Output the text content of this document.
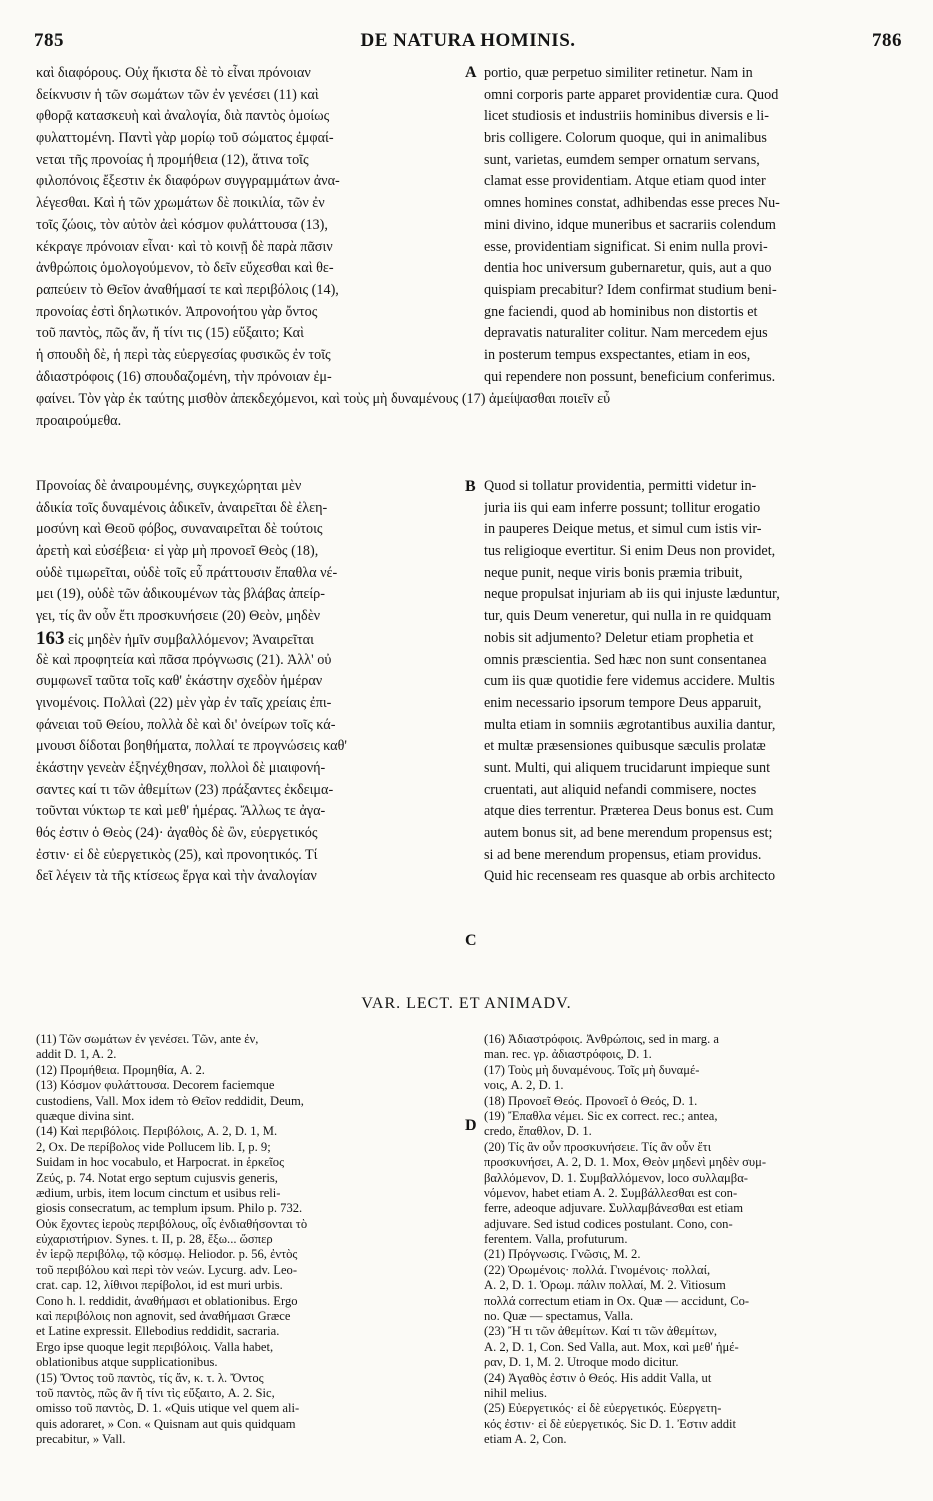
785	DE NATURA HOMINIS.	786
A
B
C
D
καὶ διαφόρους. Οὐχ ἥκιστα δὲ τὸ εἶναι πρόνοιαν
δείκνυσιν ἡ τῶν σωμάτων τῶν ἐν γενέσει (11) καὶ
φθορᾷ κατασκευὴ καὶ ἀναλογία, διὰ παντὸς ὁμοίως
φυλαττομένη. Παντὶ γὰρ μορίῳ τοῦ σώματος ἐμφαί-
νεται τῆς προνοίας ἡ προμήθεια (12), ἅτινα τοῖς
φιλοπόνοις ἔξεστιν ἐκ διαφόρων συγγραμμάτων ἀνα-
λέγεσθαι. Καὶ ἡ τῶν χρωμάτων δὲ ποικιλία, τῶν ἐν
τοῖς ζώοις, τὸν αὐτὸν ἀεὶ κόσμον φυλάττουσα (13),
κέκραγε πρόνοιαν εἶναι· καὶ τὸ κοινῇ δὲ παρὰ πᾶσιν
ἀνθρώποις ὁμολογούμενον, τὸ δεῖν εὔχεσθαι καὶ θε-
ραπεύειν τὸ Θεῖον ἀναθήμασί τε καὶ περιβόλοις (14),
προνοίας ἐστὶ δηλωτικόν. Ἀπρονοήτου γὰρ ὄντος
τοῦ παντὸς, πῶς ἄν, ἤ τίνι τις (15) εὔξαιτο; Καὶ
ἡ σπουδὴ δὲ, ἡ περὶ τὰς εὐεργεσίας φυσικῶς ἐν τοῖς
ἀδιαστρόφοις (16) σπουδαζομένη, τὴν πρόνοιαν ἐμ-
portio, quæ perpetuo similiter retinetur. Nam in
omni corporis parte apparet providentiæ cura. Quod
licet studiosis et industriis hominibus diversis e li-
bris colligere. Colorum quoque, qui in animalibus
sunt, varietas, eumdem semper ornatum servans,
clamat esse providentiam. Atque etiam quod inter
omnes homines constat, adhibendas esse preces Nu-
mini divino, idque muneribus et sacrariis colendum
esse, providentiam significat. Si enim nulla provi-
dentia hoc universum gubernaretur, quis, aut a quo
quispiam precabitur? Idem confirmat studium beni-
gne faciendi, quod ab hominibus non distortis et
depravatis naturaliter colitur. Nam mercedem ejus
in posterum tempus exspectantes, etiam in eos,
qui rependere non possunt, beneficium conferimus.
φαίνει. Τὸν γὰρ ἐκ ταύτης μισθὸν ἀπεκδεχόμενοι, καὶ τοὺς μὴ δυναμένους (17) ἀμείψασθαι ποιεῖν εὖ
προαιρούμεθα.
Προνοίας δὲ ἀναιρουμένης, συγκεχώρηται μὲν
ἀδικία τοῖς δυναμένοις ἀδικεῖν, ἀναιρεῖται δὲ ἐλεη-
μοσύνη καὶ Θεοῦ φόβος, συναναιρεῖται δὲ τούτοις
ἀρετὴ καὶ εὐσέβεια· εἰ γὰρ μὴ προνοεῖ Θεὸς (18),
οὐδὲ τιμωρεῖται, οὐδὲ τοῖς εὖ πράττουσιν ἔπαθλα νέ-
μει (19), οὐδὲ τῶν ἀδικουμένων τὰς βλάβας ἀπείρ-
γει, τίς ἂν οὖν ἔτι προσκυνήσειε (20) Θεὸν, μηδὲν
163 εἰς μηδὲν ἡμῖν συμβαλλόμενον; Ἀναιρεῖται
δὲ καὶ προφητεία καὶ πᾶσα πρόγνωσις (21). Ἀλλ' οὐ
συμφωνεῖ ταῦτα τοῖς καθ' ἑκάστην σχεδὸν ἡμέραν
γινομένοις. Πολλαὶ (22) μὲν γὰρ ἐν ταῖς χρείαις ἐπι-
φάνειαι τοῦ Θείου, πολλὰ δὲ καὶ δι' ὀνείρων τοῖς κά-
μνουσι δίδοται βοηθήματα, πολλαί τε προγνώσεις καθ'
ἑκάστην γενεὰν ἐξηνέχθησαν, πολλοὶ δὲ μιαιφονή-
σαντες καί τι τῶν ἀθεμίτων (23) πράξαντες ἐκδειμα-
τοῦνται νύκτωρ τε καὶ μεθ' ἡμέρας. Ἄλλως τε ἀγα-
θός ἐστιν ὁ Θεὸς (24)· ἀγαθὸς δὲ ὢν, εὐεργετικός
ἐστιν· εἰ δὲ εὐεργετικὸς (25), καὶ προνοητικός. Τί
δεῖ λέγειν τὰ τῆς κτίσεως ἔργα καὶ τὴν ἀναλογίαν
Quod si tollatur providentia, permitti videtur in-
juria iis qui eam inferre possunt; tollitur erogatio
in pauperes Deique metus, et simul cum istis vir-
tus religioque evertitur. Si enim Deus non providet,
neque punit, neque viris bonis præmia tribuit,
neque propulsat injuriam ab iis qui injuste læduntur,
tur, quis Deum veneretur, qui nulla in re quidquam
nobis sit adjumento? Deletur etiam prophetia et
omnis præscientia. Sed hæc non sunt consentanea
cum iis quæ quotidie fere videmus accidere. Multis
enim necessario ipsorum tempore Deus apparuit,
multa etiam in somniis ægrotantibus auxilia dantur,
et multæ præsensiones quibusque sæculis prolatæ
sunt. Multi, qui aliquem trucidarunt impieque sunt
cruentati, aut aliquid nefandi commisere, noctes
atque dies terrentur. Præterea Deus bonus est. Cum
autem bonus sit, ad bene merendum propensus est;
si ad bene merendum propensus, etiam providus.
Quid hic recenseam res quasque ab orbis architecto
VAR. LECT. ET ANIMADV.
(11) Τῶν σωμάτων ἐν γενέσει. Τῶν, ante ἐν,
addit D. 1, A. 2.
(12) Προμήθεια. Προμηθία, A. 2.
(13) Κόσμον φυλάττουσα. Decorem faciemque
custodiens, Vall. Mox idem τὸ Θεῖον reddidit, Deum,
quæque divina sint.
(14) Καὶ περιβόλοις. Περιβόλοις, A. 2, D. 1, M.
2, Ox. De περίβολος vide Pollucem lib. I, p. 9;
Suidam in hoc vocabulo, et Harpocrat. in ἑρκεῖος
Ζεύς, p. 74. Notat ergo septum cujusvis generis,
ædium, urbis, item locum cinctum et usibus reli-
giosis consecratum, ac templum ipsum. Philo p. 732.
Οὐκ ἔχοντες ἱεροὺς περιβόλους, οἷς ἐνδιαθήσονται τὸ
εὐχαριστήριον. Synes. t. II, p. 28, ἔξω... ὥσπερ
ἐν ἱερῷ περιβόλῳ, τῷ κόσμῳ. Heliodor. p. 56, ἐντὸς
τοῦ περιβόλου καὶ περὶ τὸν νεών. Lycurg. adv. Leo-
crat. cap. 12, λίθινοι περίβολοι, id est muri urbis.
Cono h. l. reddidit, ἀναθήμασι et oblationibus. Ergo
καὶ περιβόλοις non agnovit, sed ἀναθήμασι Græce
et Latine expressit. Ellebodius reddidit, sacraria.
Ergo ipse quoque legit περιβόλοις. Valla habet,
oblationibus atque supplicationibus.
(15) Ὄντος τοῦ παντὸς, τίς ἄν, κ. τ. λ. Ὄντος
τοῦ παντὸς, πῶς ἂν ἤ τίνι τὶς εὔξαιτο, A. 2. Sic,
omisso τοῦ παντὸς, D. 1. «Quis utique vel quem ali-
quis adoraret, » Con. « Quisnam aut quis quidquam
precabitur, » Vall.
(16) Ἀδιαστρόφοις. Ἀνθρώποις, sed in marg. a
man. rec. γρ. ἀδιαστρόφοις, D. 1.
(17) Τοὺς μὴ δυναμένους. Τοῖς μὴ δυναμέ-
νοις, A. 2, D. 1.
(18) Προνοεῖ Θεός. Προνοεῖ ὁ Θεός, D. 1.
(19) Ἔπαθλα νέμει. Sic ex correct. rec.; antea,
credo, ἔπαθλον, D. 1.
(20) Τίς ἂν οὖν προσκυνήσειε. Τίς ἂν οὖν ἔτι
προσκυνήσει, A. 2, D. 1. Mox, Θεὸν μηδενὶ μηδὲν συμ-
βαλλόμενον, D. 1. Συμβαλλόμενον, loco συλλαμβα-
νόμενον, habet etiam A. 2. Συμβάλλεσθαι est con-
ferre, adeoque adjuvare. Συλλαμβάνεσθαι est etiam
adjuvare. Sed istud codices postulant. Cono, con-
ferentem. Valla, profuturum.
(21) Πρόγνωσις. Γνῶσις, M. 2.
(22) Ὁρωμένοις· πολλά. Γινομένοις· πολλαί,
A. 2, D. 1. Ὁρωμ. πάλιν πολλαί, M. 2. Vitiosum
πολλά correctum etiam in Ox. Quæ — accidunt, Co-
no. Quæ — spectamus, Valla.
(23) Ἤ τι τῶν ἀθεμίτων. Καί τι τῶν ἀθεμίτων,
A. 2, D. 1, Con. Sed Valla, aut. Mox, καὶ μεθ' ἡμέ-
ραν, D. 1, M. 2. Utroque modo dicitur.
(24) Ἀγαθὸς ἐστιν ὁ Θεός. His addit Valla, ut
nihil melius.
(25) Εὐεργετικός· εἰ δὲ εὐεργετικός. Εὐεργετη-
κός ἐστιν· εἰ δὲ εὐεργετικός. Sic D. 1. Ἐστιν addit
etiam A. 2, Con.
